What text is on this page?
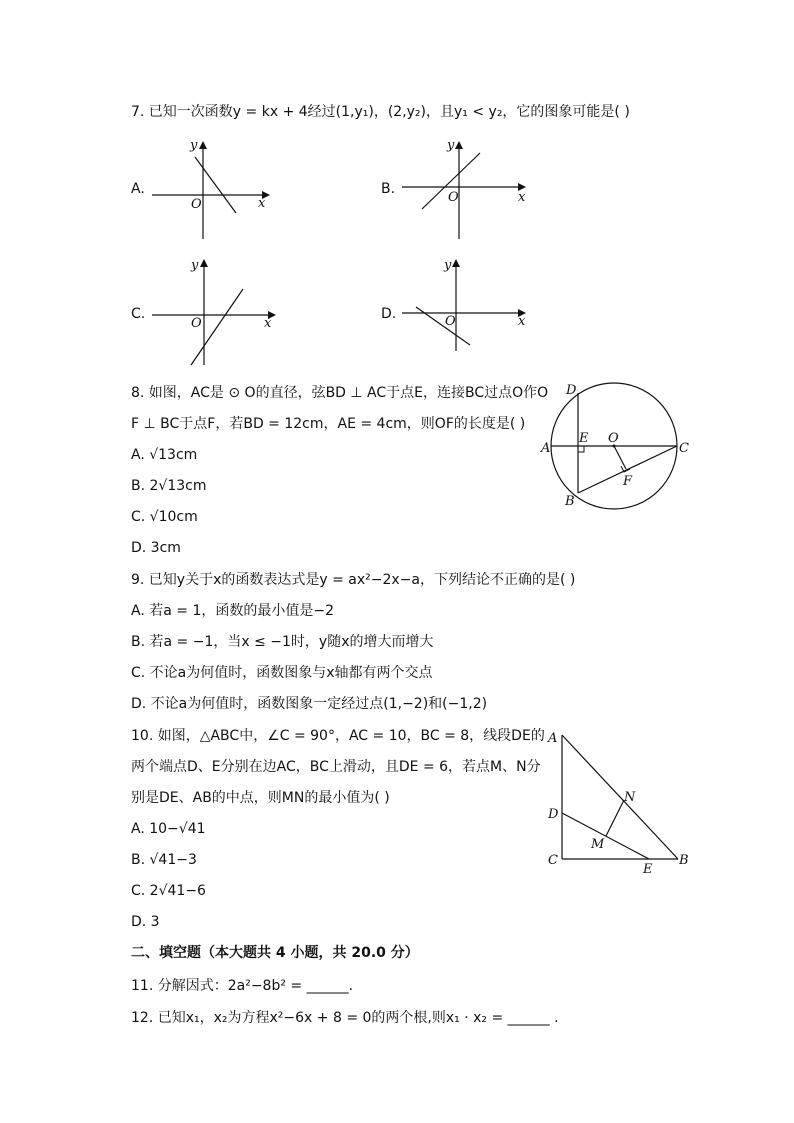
7. 已知一次函数y = kx + 4经过(1,y₁)，(2,y₂)，且y₁ < y₂，它的图象可能是( )
A.
x
y
O
B.
x
y
O
C.
x
y
O
D.	x
y
O
8. 如图，AC是 ⊙ O的直径，弦BD ⊥ AC于点E，连接BC过点O作O
F ⊥ BC于点F，若BD = 12cm，AE = 4cm，则OF的长度是( )
A. √13cm
B. 2√13cm
C. √10cm
D. 3cm
D
A
E O
C
F
B
9. 已知y关于x的函数表达式是y = ax²−2x−a，下列结论不正确的是( )
A. 若a = 1，函数的最小值是−2
B. 若a = −1，当x ≤ −1时，y随x的增大而增大
C. 不论a为何值时，函数图象与x轴都有两个交点
D. 不论a为何值时，函数图象一定经过点(1,−2)和(−1,2)
10. 如图，△ABC中，∠C = 90°，AC = 10，BC = 8，线段DE的
两个端点D、E分别在边AC，BC上滑动，且DE = 6，若点M、N分
别是DE、AB的中点，则MN的最小值为( )
A. 10−√41
B. √41−3
C. 2√41−6
D. 3
A
D
C
N
M
E
B
二、填空题（本大题共 4 小题，共 20.0 分）
11. 分解因式：2a²−8b² = ______.
12. 已知x₁，x₂为方程x²−6x + 8 = 0的两个根,则x₁ · x₂ = ______ .
